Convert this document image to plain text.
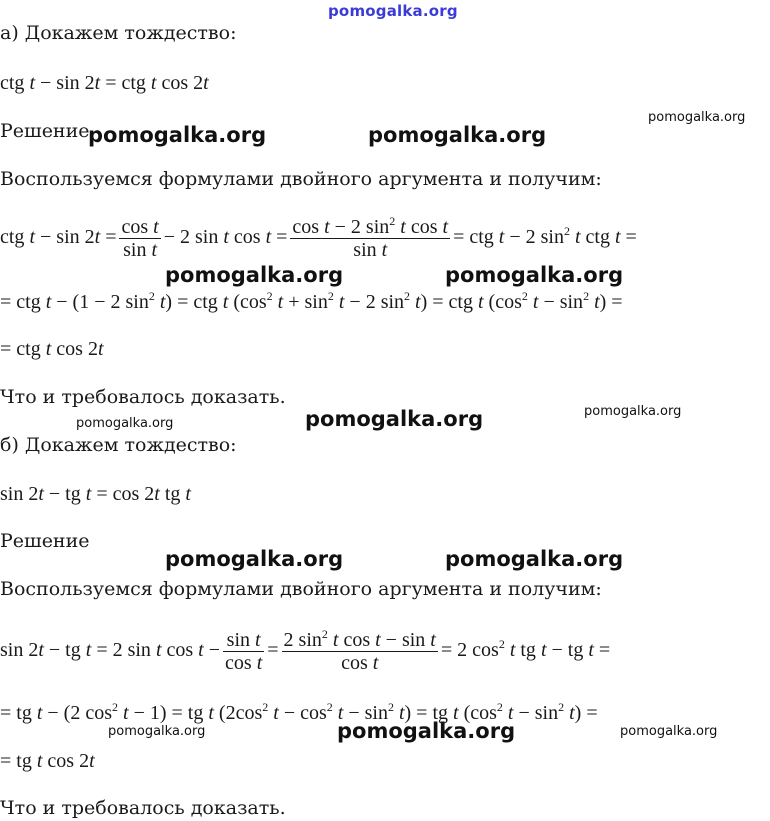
pomogalka.org
pomogalka.org	pomogalka.org
pomogalka.org
pomogalka.org	pomogalka.org
pomogalka.org	pomogalka.org	pomogalka.org
pomogalka.org	pomogalka.org
pomogalka.org	pomogalka.org	pomogalka.org
а) Докажем тождество:
ctg t − sin 2t = ctg t cos 2t
Решение
Воспользуемся формулами двойного аргумента и получим:
ctg $t - \sin 2t = \frac{\text{cos t}}{\text{sin t}} - 2$ sin t $\cos t = \frac{\cos t - 2 \sin^2 t \cos t}{\text{sin t}}$ = ctg t − 2 $\sin^2 t$ ctg t =
= ctg t − (1 − 2 $\sin^2 t$) = ctg t ($\cos^2$ $t + \sin^2 t - 2$ $\sin^2 t$) = ctg t ($\cos^2$ $t - \sin^2 t$) =
= ctg t cos 2t
Что и требовалось доказать.
б) Докажем тождество:
sin 2t − tg t = cos 2t tg t
Решение
Воспользуемся формулами двойного аргумента и получим:
sin 2t − tg t = 2 sin t $\cos t - \frac{\text{sin t}}{\text{cos t}} = \frac{2 \sin^2 t \cos t - \sin t}{\text{cos t}} = 2$ $\cos^2 t$ tg t − tg t =
= tg t − (2 $\cos^2 t - 1$) = tg t ($2\cos^2$ $t - \cos^2 t - \sin^2 t$) = tg t ($\cos^2$ $t - \sin^2 t$) =
= tg t cos 2t
Что и требовалось доказать.
